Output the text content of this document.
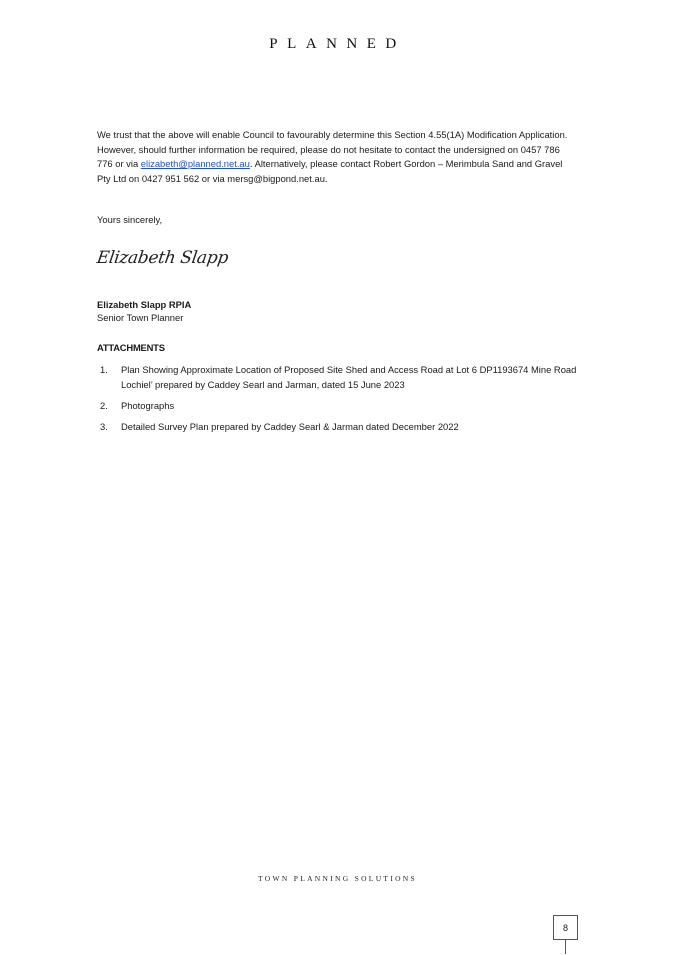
PLANNED
We trust that the above will enable Council to favourably determine this Section 4.55(1A) Modification Application. However, should further information be required, please do not hesitate to contact the undersigned on 0457 786 776 or via elizabeth@planned.net.au. Alternatively, please contact Robert Gordon – Merimbula Sand and Gravel Pty Ltd on 0427 951 562 or via mersg@bigpond.net.au.
Yours sincerely,
Elizabeth Slapp
Elizabeth Slapp RPIA
Senior Town Planner
ATTACHMENTS
1. Plan Showing Approximate Location of Proposed Site Shed and Access Road at Lot 6 DP1193674 Mine Road Lochiel’ prepared by Caddey Searl and Jarman, dated 15 June 2023
2. Photographs
3. Detailed Survey Plan prepared by Caddey Searl & Jarman dated December 2022
TOWN PLANNING SOLUTIONS
8
